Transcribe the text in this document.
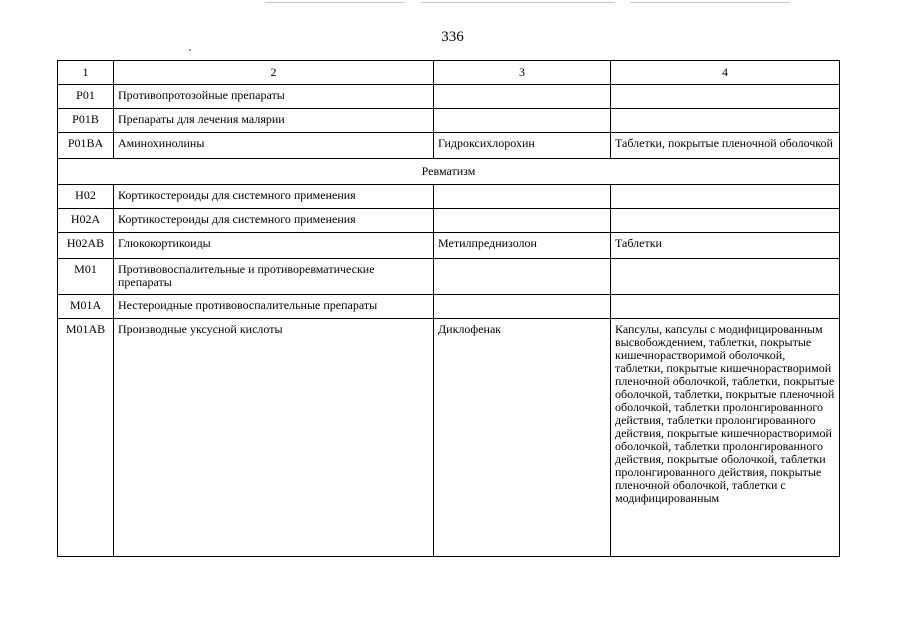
336
1	2	3	4
P01	Противопротозойные препараты		
P01B	Препараты для лечения малярии		
P01BA	Аминохинолины	Гидроксихлорохин	Таблетки, покрытые пленочной оболочкой
Ревматизм			
H02	Кортикостероиды для системного применения		
H02A	Кортикостероиды для системного применения		
H02AB	Глюкокортикоиды	Метилпреднизолон	Таблетки
M01	Противовоспалительные и противоревматические препараты		
M01A	Нестероидные противовоспалительные препараты		
M01AB	Производные уксусной кислоты	Диклофенак	Капсулы, капсулы с модифицированным высвобождением, таблетки, покрытые кишечнорастворимой оболочкой, таблетки, покрытые кишечнорастворимой пленочной оболочкой, таблетки, покрытые оболочкой, таблетки, покрытые пленочной оболочкой, таблетки пролонгированного действия, таблетки пролонгированного действия, покрытые кишечнорастворимой оболочкой, таблетки пролонгированного действия, покрытые оболочкой, таблетки пролонгированного действия, покрытые пленочной оболочкой, таблетки с модифицированным
